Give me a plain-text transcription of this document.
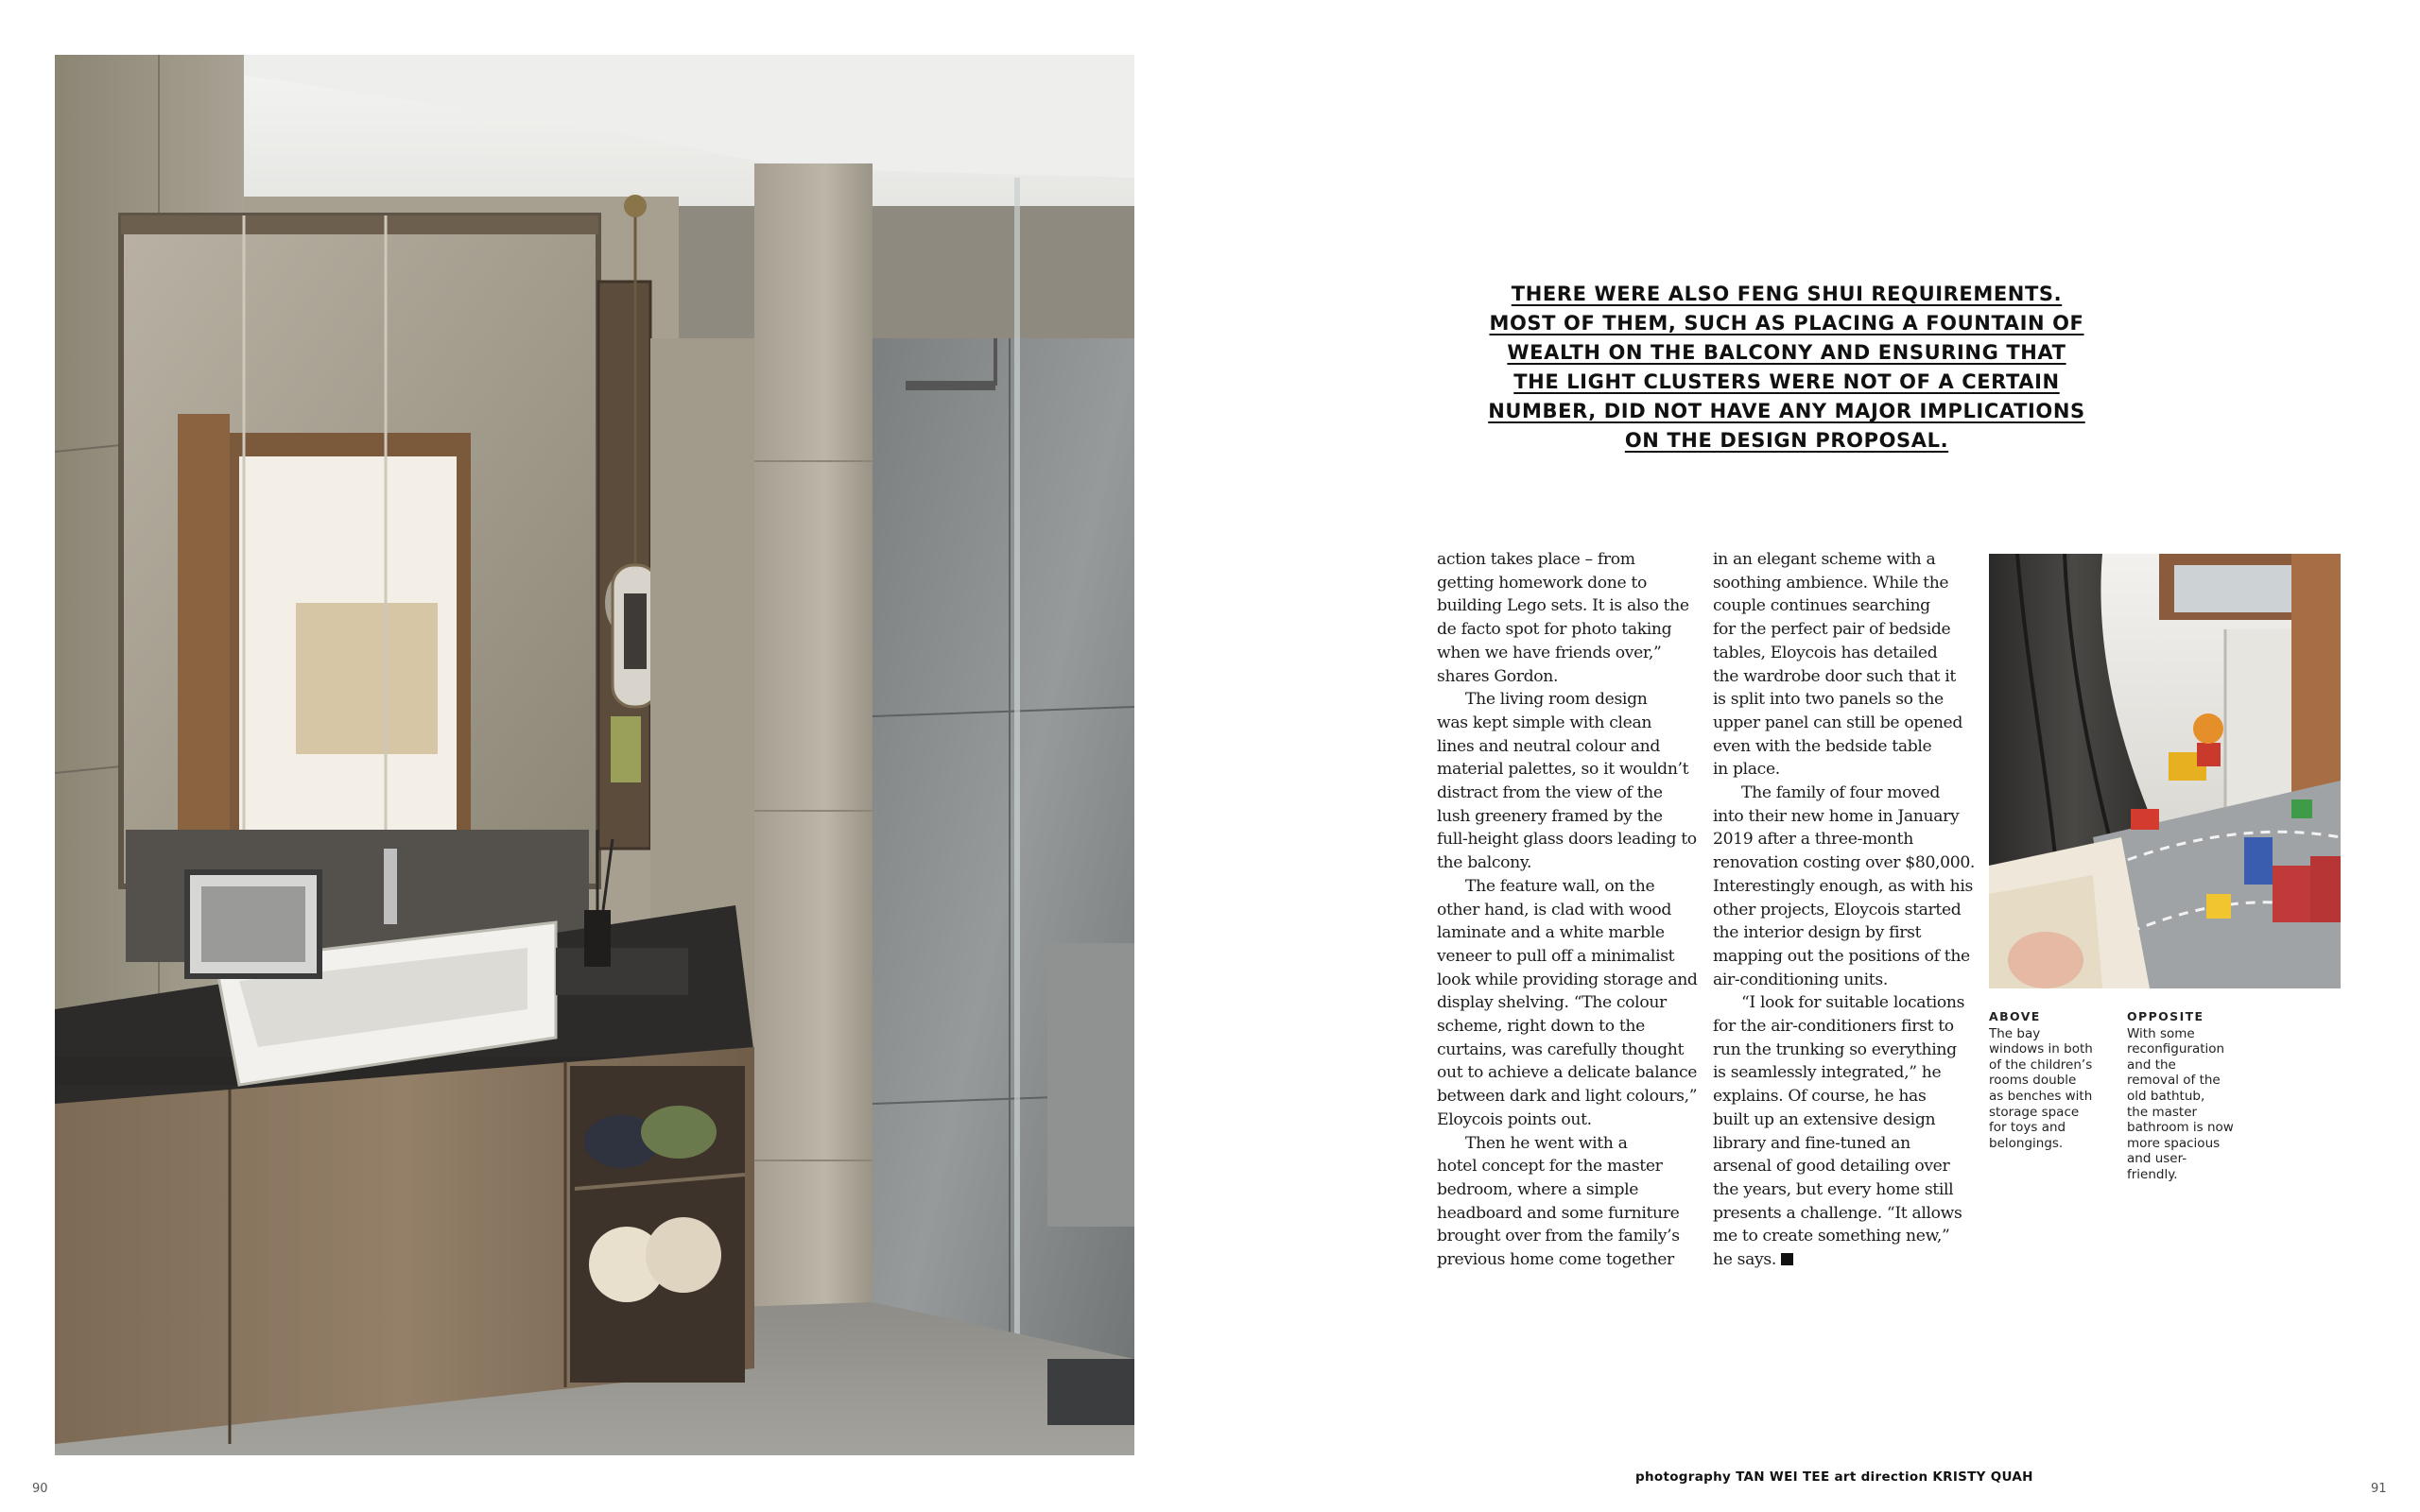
THERE WERE ALSO FENG SHUI REQUIREMENTS.
MOST OF THEM, SUCH AS PLACING A FOUNTAIN OF
WEALTH ON THE BALCONY AND ENSURING THAT
THE LIGHT CLUSTERS WERE NOT OF A CERTAIN
NUMBER, DID NOT HAVE ANY MAJOR IMPLICATIONS
ON THE DESIGN PROPOSAL.

action takes place – from

getting homework done to

building Lego sets. It is also the

de facto spot for photo taking

when we have friends over,”

shares Gordon.

The living room design

was kept simple with clean

lines and neutral colour and

material palettes, so it wouldn’t

distract from the view of the

lush greenery framed by the

full-height glass doors leading to

the balcony.

The feature wall, on the

other hand, is clad with wood

laminate and a white marble

veneer to pull off a minimalist

look while providing storage and

display shelving. “The colour

scheme, right down to the

curtains, was carefully thought

out to achieve a delicate balance

between dark and light colours,”

Eloycois points out.

Then he went with a

hotel concept for the master

bedroom, where a simple

headboard and some furniture

brought over from the family’s

previous home come together

in an elegant scheme with a

soothing ambience. While the

couple continues searching

for the perfect pair of bedside

tables, Eloycois has detailed

the wardrobe door such that it

is split into two panels so the

upper panel can still be opened

even with the bedside table

in place.

The family of four moved

into their new home in January

2019 after a three-month

renovation costing over $80,000.

Interestingly enough, as with his

other projects, Eloycois started

the interior design by first

mapping out the positions of the

air-conditioning units.

“I look for suitable locations

for the air-conditioners first to

run the trunking so everything

is seamlessly integrated,” he

explains. Of course, he has

built up an extensive design

library and fine-tuned an

arsenal of good detailing over

the years, but every home still

presents a challenge. “It allows

me to create something new,”

he says.

ABOVE
The bay
windows in both
of the children’s
rooms double
as benches with
storage space
for toys and
belongings.
OPPOSITE
With some
reconfiguration
and the
removal of the
old bathtub,
the master
bathroom is now
more spacious
and user-
friendly.
photography TAN WEI TEE art direction KRISTY QUAH
90	91
